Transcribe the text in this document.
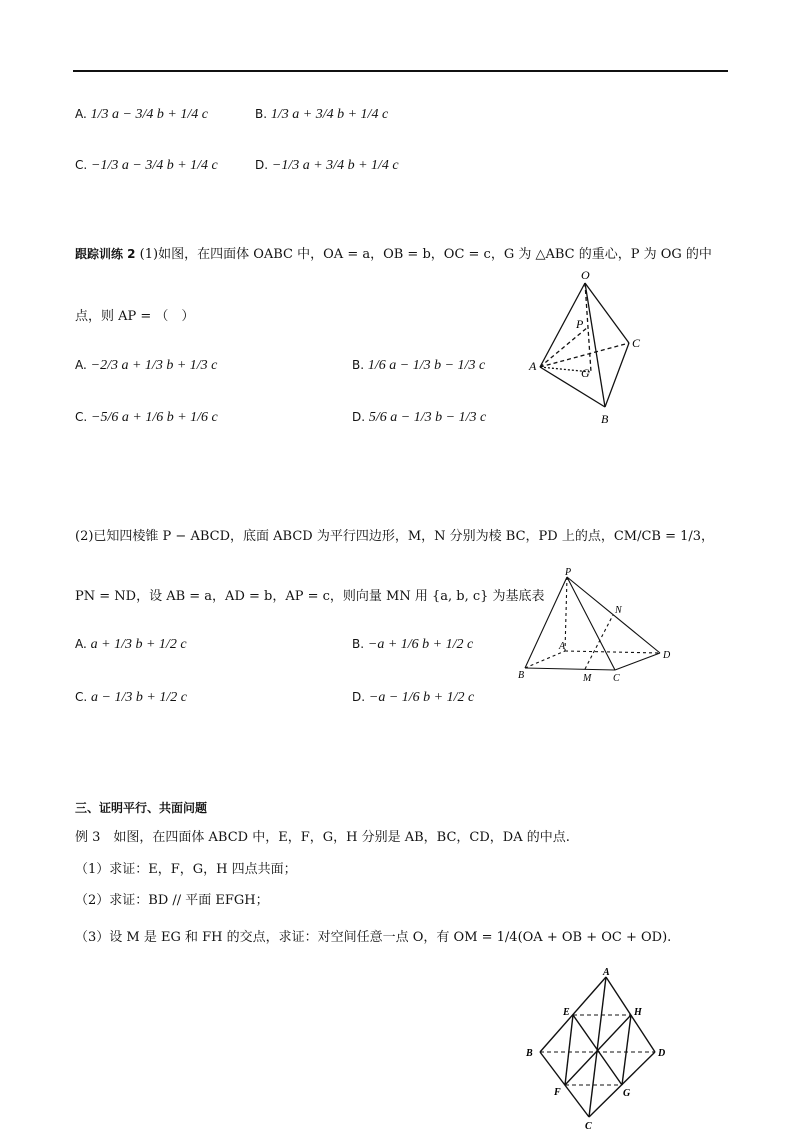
A. 1/3 a − 3/4 b + 1/4 c	B. 1/3 a + 3/4 b + 1/4 c
C. −1/3 a − 3/4 b + 1/4 c	D. −1/3 a + 3/4 b + 1/4 c
跟踪训练 2 (1)如图，在四面体 OABC 中，OA = a，OB = b，OC = c，G 为 △ABC 的重心，P 为 OG 的中
点，则 AP = （　）
A. −2/3 a + 1/3 b + 1/3 c	B. 1/6 a − 1/3 b − 1/3 c
C. −5/6 a + 1/6 b + 1/6 c	D. 5/6 a − 1/3 b − 1/3 c
O
A
B
C
P
G
(2)已知四棱锥 P − ABCD，底面 ABCD 为平行四边形，M，N 分别为棱 BC，PD 上的点，CM/CB = 1/3，
PN = ND，设 AB = a，AD = b，AP = c，则向量 MN 用 {a, b, c} 为基底表
A. a + 1/3 b + 1/2 c	B. −a + 1/6 b + 1/2 c
C. a − 1/3 b + 1/2 c	D. −a − 1/6 b + 1/2 c
P
N
A
B	M C
D
三、证明平行、共面问题
例 3　如图，在四面体 ABCD 中，E，F，G，H 分别是 AB，BC，CD，DA 的中点.
（1）求证：E，F，G，H 四点共面；
（2）求证：BD // 平面 EFGH；
（3）设 M 是 EG 和 FH 的交点，求证：对空间任意一点 O，有 OM = 1/4(OA + OB + OC + OD).
A
B
C
D
E
F	G
H
